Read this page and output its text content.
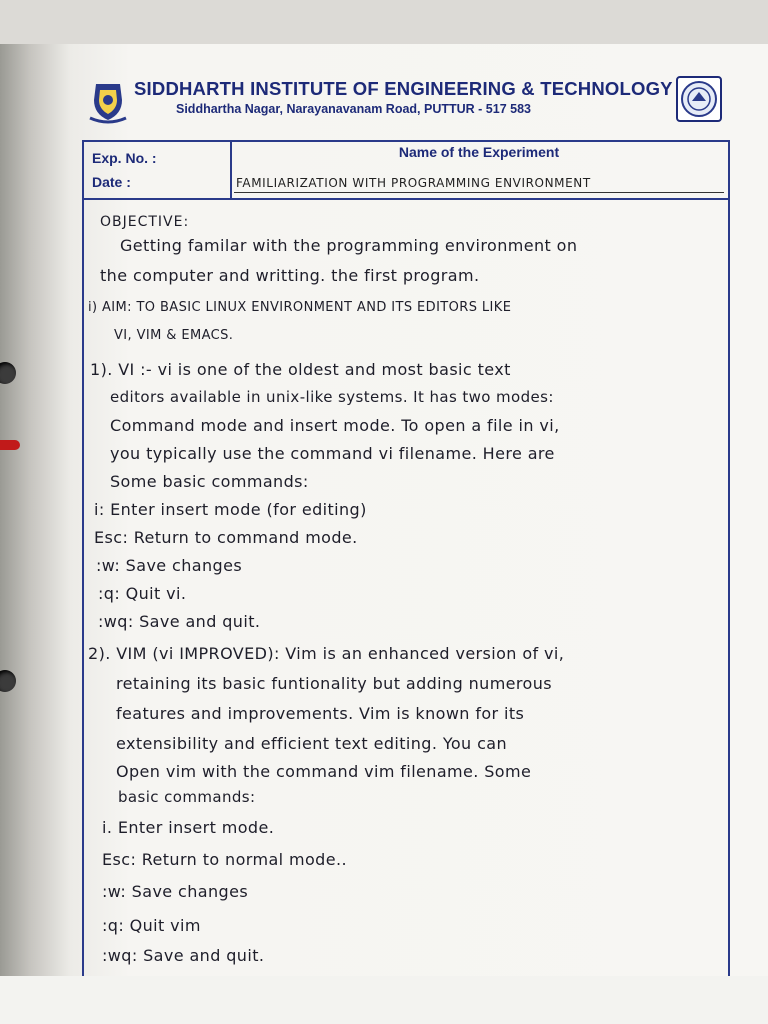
SIDDHARTH INSTITUTE OF ENGINEERING & TECHNOLOGY
Siddhartha Nagar, Narayanavanam Road, PUTTUR - 517 583
Exp. No. :
Date :
Name of the Experiment
FAMILIARIZATION WITH PROGRAMMING ENVIRONMENT
OBJECTIVE:
Getting familar with the programming environment on
the computer and writting. the first program.
i) AIM: TO BASIC LINUX ENVIRONMENT AND ITS EDITORS LIKE
VI, VIM & EMACS.
1). VI :- vi is one of the oldest and most basic text
editors available in unix-like systems. It has two modes:
Command mode and insert mode. To open a file in vi,
you typically use the command vi filename. Here are
Some basic commands:
i: Enter insert mode (for editing)
Esc: Return to command mode.
:w: Save changes
:q: Quit vi.
:wq: Save and quit.
2). VIM (vi IMPROVED): Vim is an enhanced version of vi,
retaining its basic funtionality but adding numerous
features and improvements. Vim is known for its
extensibility and efficient text editing. You can
Open vim with the command vim filename. Some
basic commands:
i. Enter insert mode.
Esc: Return to normal mode..
:w: Save changes
:q: Quit vim
:wq: Save and quit.
